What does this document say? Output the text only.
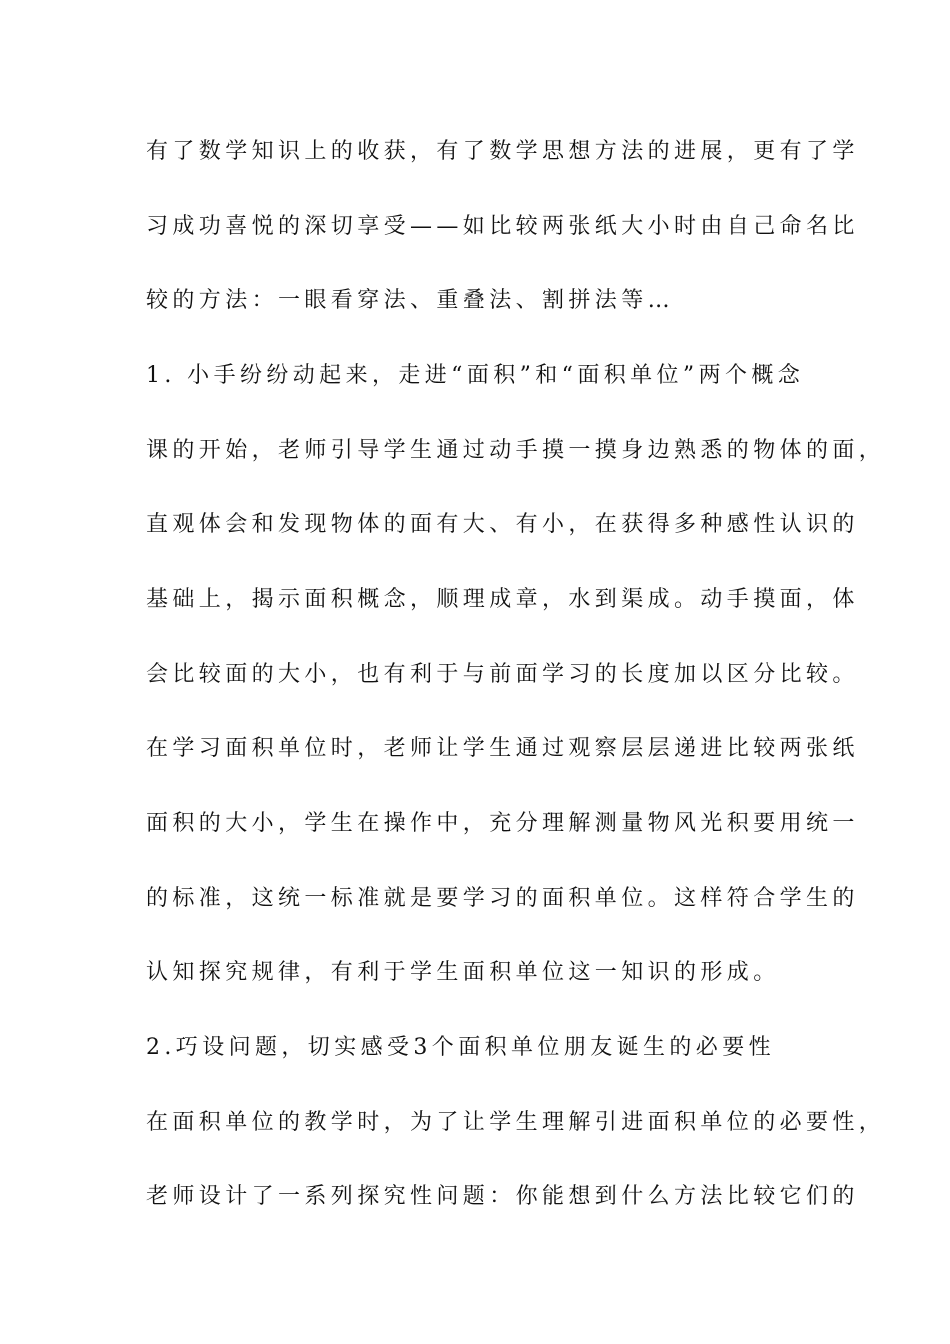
有了数学知识上的收获，有了数学思想方法的进展，更有了学
习成功喜悦的深切享受——如比较两张纸大小时由自己命名比
较的方法：一眼看穿法、重叠法、割拼法等…
1. 小手纷纷动起来，走进“面积”和“面积单位”两个概念
课的开始，老师引导学生通过动手摸一摸身边熟悉的物体的面，
直观体会和发现物体的面有大、有小，在获得多种感性认识的
基础上，揭示面积概念，顺理成章，水到渠成。动手摸面，体
会比较面的大小，也有利于与前面学习的长度加以区分比较。
在学习面积单位时，老师让学生通过观察层层递进比较两张纸
面积的大小，学生在操作中，充分理解测量物风光积要用统一
的标准，这统一标准就是要学习的面积单位。这样符合学生的
认知探究规律，有利于学生面积单位这一知识的形成。
2.巧设问题，切实感受3个面积单位朋友诞生的必要性
在面积单位的教学时，为了让学生理解引进面积单位的必要性，
老师设计了一系列探究性问题：你能想到什么方法比较它们的
